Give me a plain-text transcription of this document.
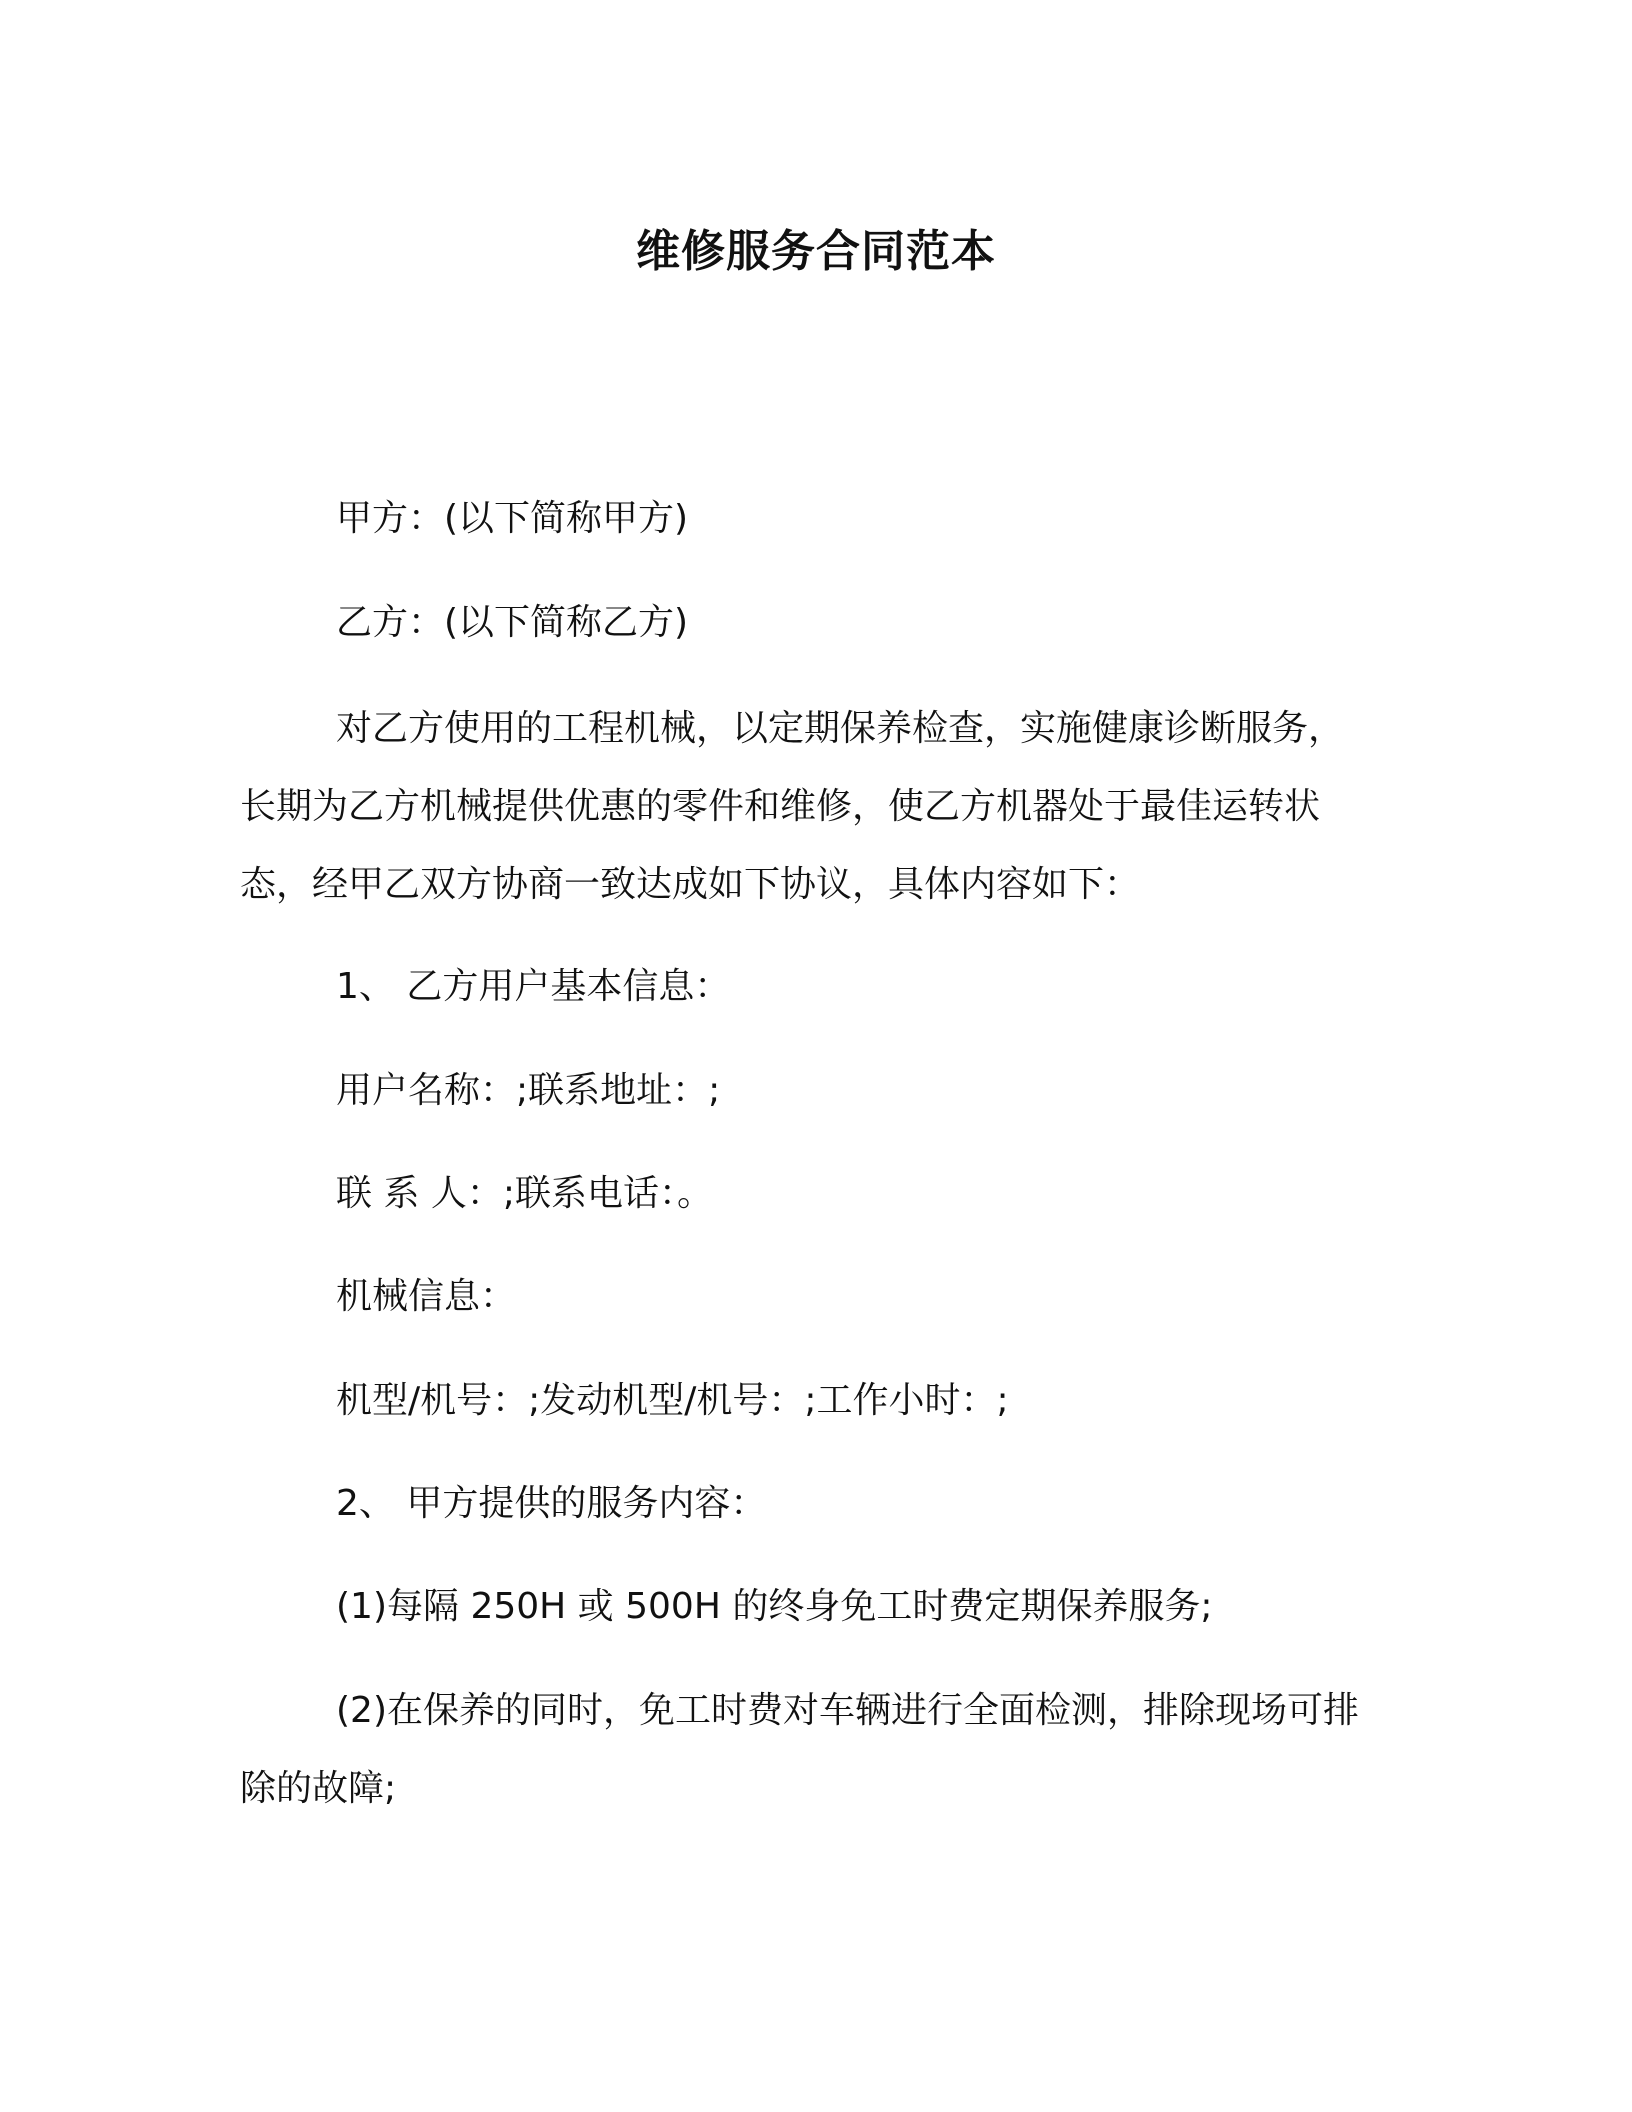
维修服务合同范本

甲方：(以下简称甲方)

乙方：(以下简称乙方)

对乙方使用的工程机械，以定期保养检查，实施健康诊断服务，

长期为乙方机械提供优惠的零件和维修，使乙方机器处于最佳运转状

态，经甲乙双方协商一致达成如下协议，具体内容如下：

1、 乙方用户基本信息：

用户名称：;联系地址：;

联 系 人：;联系电话：。

机械信息：

机型/机号：;发动机型/机号：;工作小时：;

2、 甲方提供的服务内容：

(1)每隔 250H 或 500H 的终身免工时费定期保养服务;

(2)在保养的同时，免工时费对车辆进行全面检测，排除现场可排

除的故障;
